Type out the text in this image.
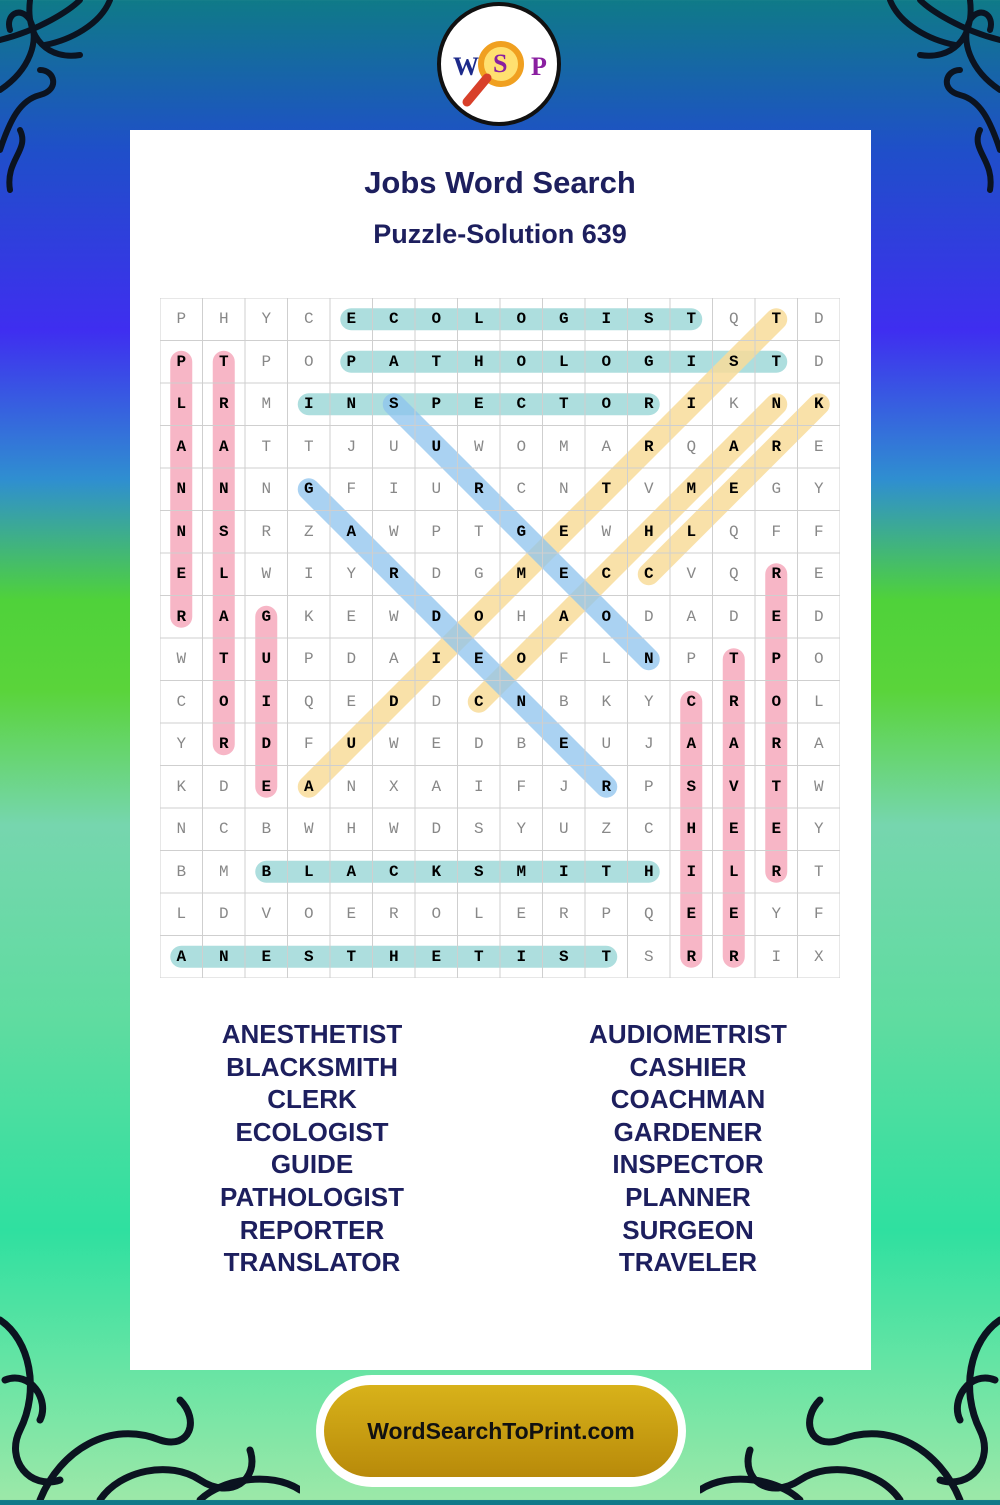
W S P
Jobs Word Search
Puzzle-Solution 639
P	H	Y	C	E	C	O	L	O	G	I	S	T	Q	T	D
P	T	P	O	P	A	T	H	O	L	O	G	I	S	T	D
L	R	M	I	N	S	P	E	C	T	O	R	I	K	N	K
A	A	T	T	J	U	U	W	O	M	A	R	Q	A	R	E
N	N	N	G	F	I	U	R	C	N	T	V	M	E	G	Y
N	S	R	Z	A	W	P	T	G	E	W	H	L	Q	F	F
E	L	W	I	Y	R	D	G	M	E	C	C	V	Q	R	E
R	A	G	K	E	W	D	O	H	A	O	D	A	D	E	D
W	T	U	P	D	A	I	E	O	F	L	N	P	T	P	O
C	O	I	Q	E	D	D	C	N	B	K	Y	C	R	O	L
Y	R	D	F	U	W	E	D	B	E	U	J	A	A	R	A
K	D	E	A	N	X	A	I	F	J	R	P	S	V	T	W
N	C	B	W	H	W	D	S	Y	U	Z	C	H	E	E	Y
B	M	B	L	A	C	K	S	M	I	T	H	I	L	R	T
L	D	V	O	E	R	O	L	E	R	P	Q	E	E	Y	F
A	N	E	S	T	H	E	T	I	S	T	S	R	R	I	X
ANESTHETIST
BLACKSMITH
CLERK
ECOLOGIST
GUIDE
PATHOLOGIST
REPORTER
TRANSLATOR
AUDIOMETRIST
CASHIER
COACHMAN
GARDENER
INSPECTOR
PLANNER
SURGEON
TRAVELER
WordSearchToPrint.com
